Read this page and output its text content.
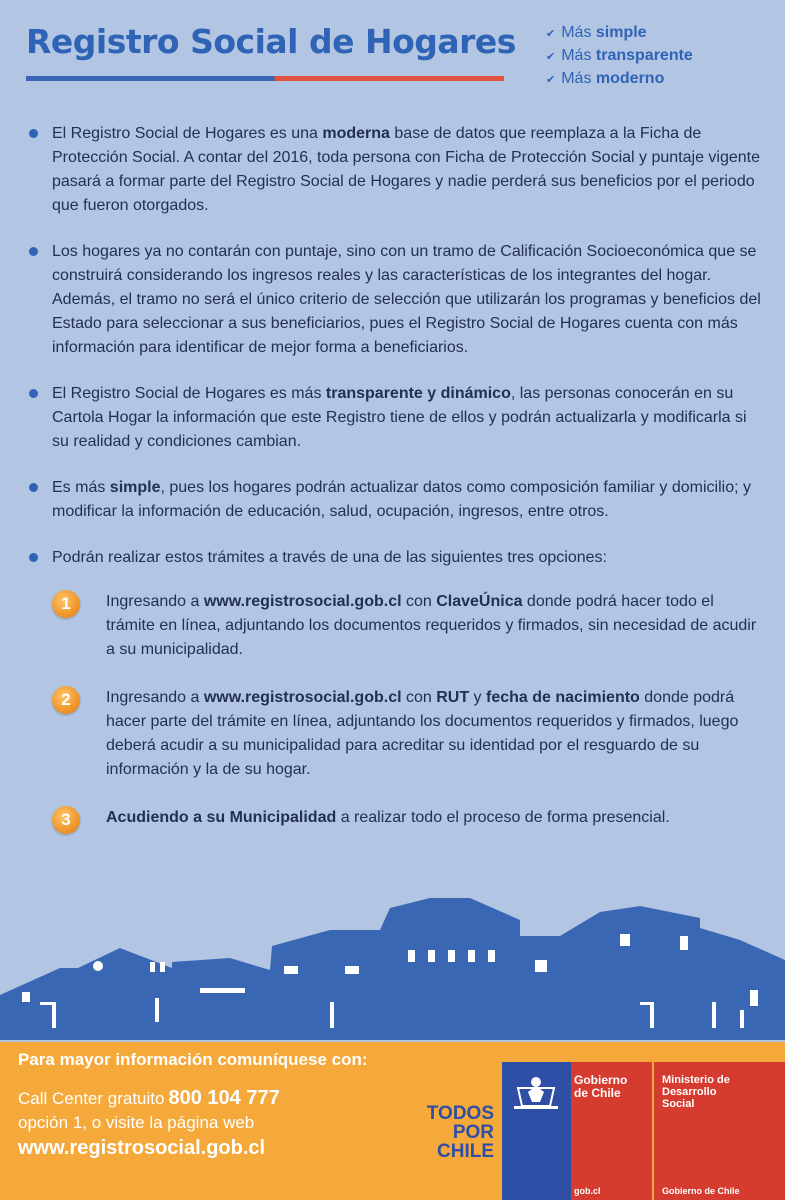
Registro Social de Hogares	✔ Más simple
✔ Más transparente
✔ Más moderno

El Registro Social de Hogares es una moderna base de datos que reemplaza a la Ficha de Protección Social. A contar del 2016, toda persona con Ficha de Protección Social y puntaje vigente pasará a formar parte del Registro Social de Hogares y nadie perderá sus beneficios por el periodo que fueron otorgados.

Los hogares ya no contarán con puntaje, sino con un tramo de Calificación Socioeconómica que se construirá considerando los ingresos reales y las características de los integrantes del hogar.
Además, el tramo no será el único criterio de selección que utilizarán los programas y beneficios del Estado para seleccionar a sus beneficiarios, pues el Registro Social de Hogares cuenta con más información para identificar de mejor forma a beneficiarios.

El Registro Social de Hogares es más transparente y dinámico, las personas conocerán en su Cartola Hogar la información que este Registro tiene de ellos y podrán actualizarla y modificarla si su realidad y condiciones cambian.

Es más simple, pues los hogares podrán actualizar datos como composición familiar y domicilio; y modificar la información de educación, salud, ocupación, ingresos, entre otros.

Podrán realizar estos trámites a través de una de las siguientes tres opciones:

1	Ingresando a www.registrosocial.gob.cl con ClaveÚnica donde podrá hacer todo el trámite en línea, adjuntando los documentos requeridos y firmados, sin necesidad de acudir a su municipalidad.

2	Ingresando a www.registrosocial.gob.cl con RUT y fecha de nacimiento donde podrá hacer parte del trámite en línea, adjuntando los documentos requeridos y firmados, luego deberá acudir a su municipalidad para acreditar su identidad por el resguardo de su información y la de su hogar.

3	Acudiendo a su Municipalidad a realizar todo el proceso de forma presencial.

Para mayor información comuníquese con:
Call Center gratuito 800 104 777
opción 1, o visite la página web
www.registrosocial.gob.cl
TODOS
POR
CHILE
Gobierno
de Chile
gob.cl
Ministerio de
Desarrollo
Social
Gobierno de Chile
